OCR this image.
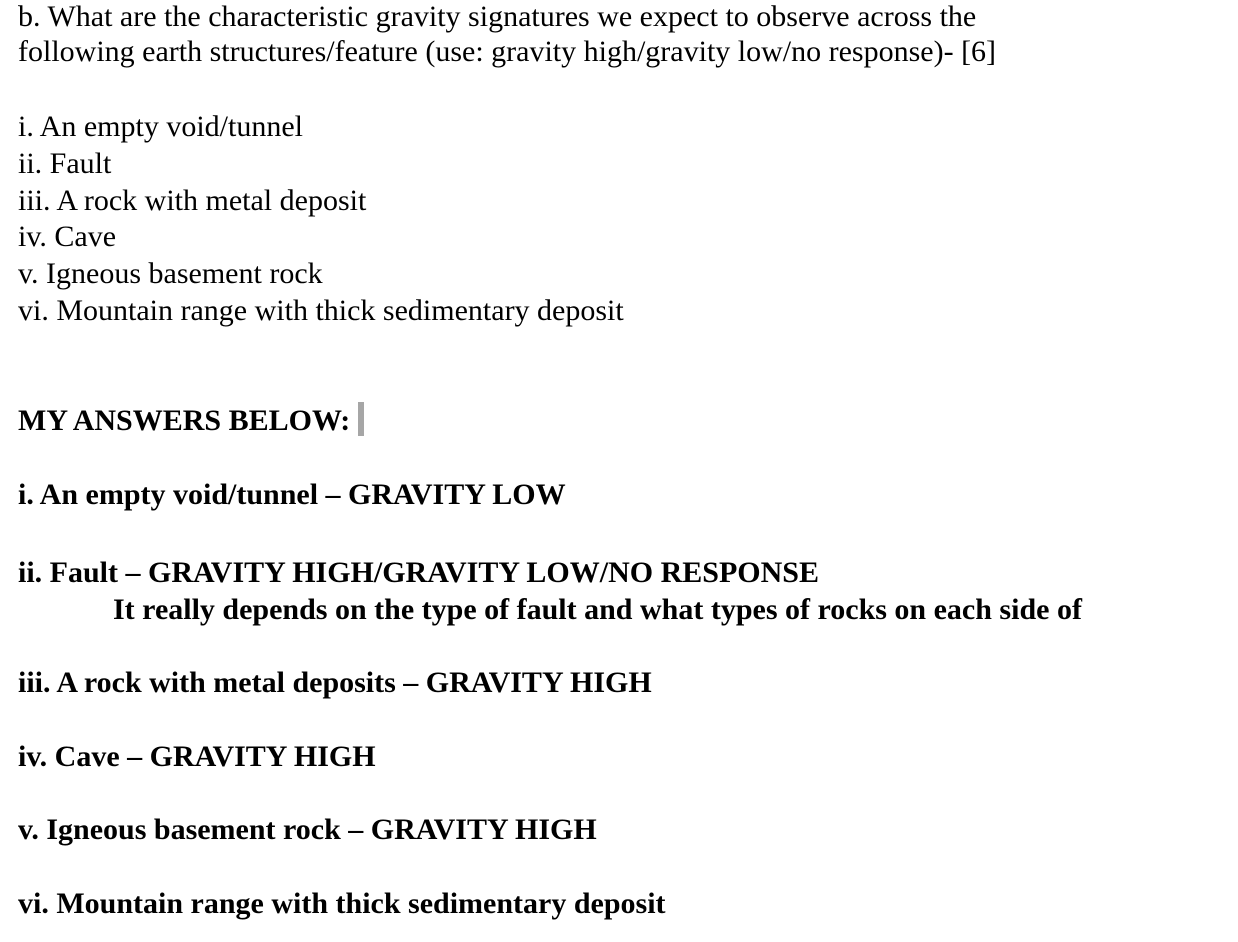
b. What are the characteristic gravity signatures we expect to observe across the
following earth structures/feature (use: gravity high/gravity low/no response)- [6]
i. An empty void/tunnel
ii. Fault
iii. A rock with metal deposit
iv. Cave
v. Igneous basement rock
vi. Mountain range with thick sedimentary deposit
MY ANSWERS BELOW:
i. An empty void/tunnel – GRAVITY LOW
ii. Fault – GRAVITY HIGH/GRAVITY LOW/NO RESPONSE
It really depends on the type of fault and what types of rocks on each side of
iii. A rock with metal deposits – GRAVITY HIGH
iv. Cave – GRAVITY HIGH
v. Igneous basement rock – GRAVITY HIGH
vi. Mountain range with thick sedimentary deposit
